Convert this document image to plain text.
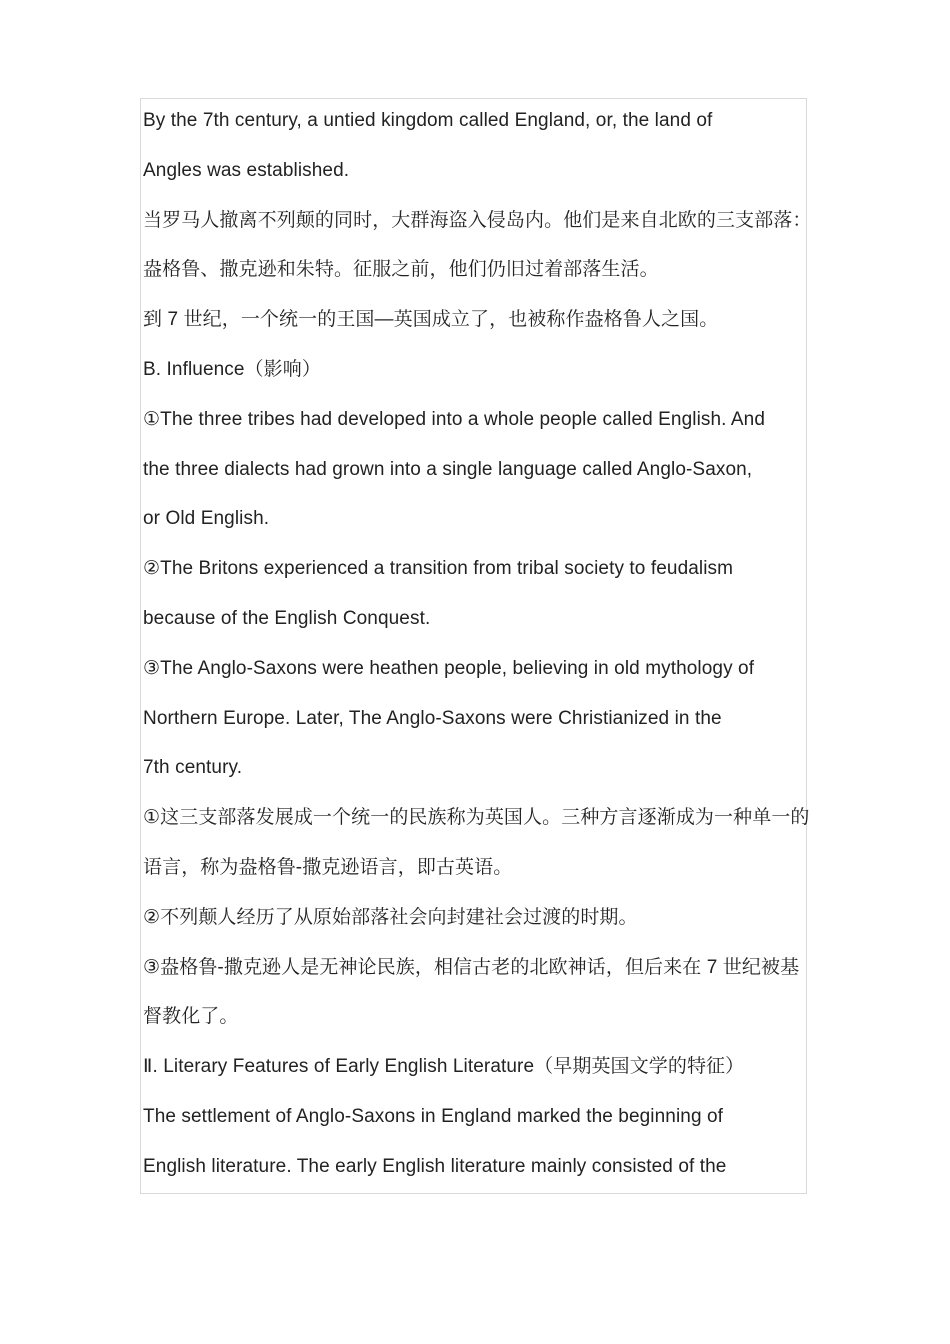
By the 7th century, a untied kingdom called England, or, the land of
Angles was established.
当罗马人撤离不列颠的同时，大群海盗入侵岛内。他们是来自北欧的三支部落：
盎格鲁、撒克逊和朱特。征服之前，他们仍旧过着部落生活。
到 7 世纪，一个统一的王国—英国成立了，也被称作盎格鲁人之国。
B. Influence（影响）
①The three tribes had developed into a whole people called English. And
the three dialects had grown into a single language called Anglo-Saxon,
or Old English.
②The Britons experienced a transition from tribal society to feudalism
because of the English Conquest.
③The Anglo-Saxons were heathen people, believing in old mythology of
Northern Europe. Later, The Anglo-Saxons were Christianized in the
7th century.
①这三支部落发展成一个统一的民族称为英国人。三种方言逐渐成为一种单一的
语言，称为盎格鲁-撒克逊语言，即古英语。
②不列颠人经历了从原始部落社会向封建社会过渡的时期。
③盎格鲁-撒克逊人是无神论民族，相信古老的北欧神话，但后来在 7 世纪被基
督教化了。
Ⅱ. Literary Features of Early English Literature（早期英国文学的特征）
The settlement of Anglo-Saxons in England marked the beginning of
English literature. The early English literature mainly consisted of the
